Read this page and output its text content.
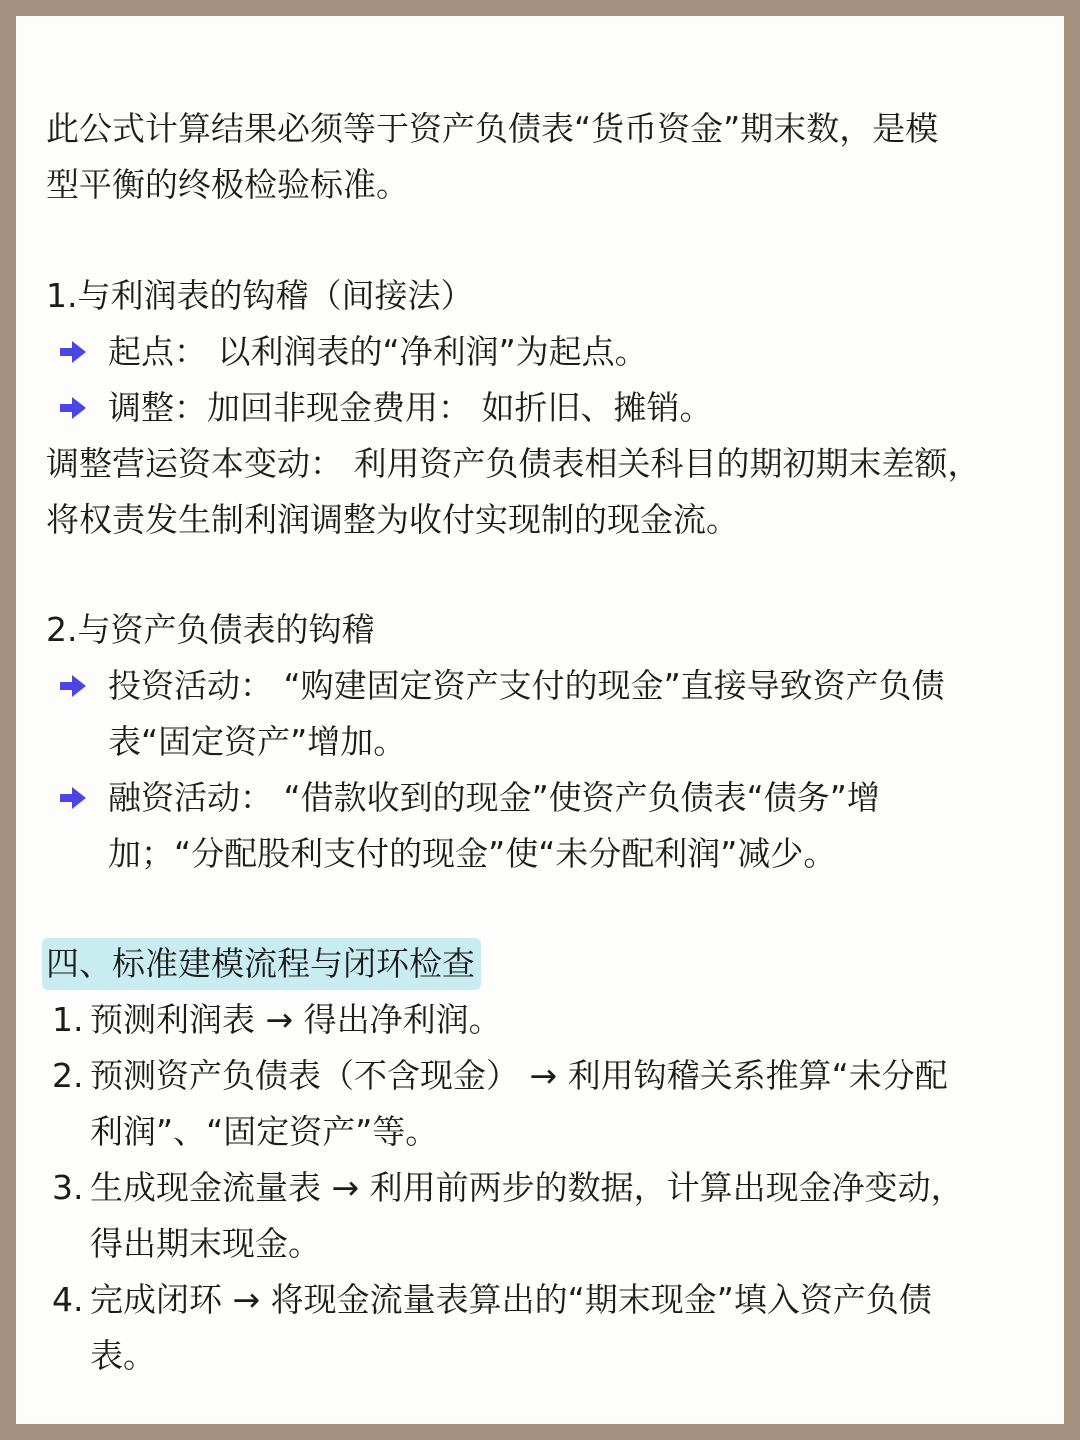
此公式计算结果必须等于资产负债表“货币资金”期末数，是模
型平衡的终极检验标准。
1.与利润表的钩稽（间接法）
起点： 以利润表的“净利润”为起点。
调整：加回非现金费用： 如折旧、摊销。
调整营运资本变动： 利用资产负债表相关科目的期初期末差额，
将权责发生制利润调整为收付实现制的现金流。
2.与资产负债表的钩稽
投资活动： “购建固定资产支付的现金”直接导致资产负债
表“固定资产”增加。
融资活动： “借款收到的现金”使资产负债表“债务”增
加；“分配股利支付的现金”使“未分配利润”减少。
四、标准建模流程与闭环检查
1. 预测利润表 → 得出净利润。
2. 预测资产负债表（不含现金） → 利用钩稽关系推算“未分配
利润”、“固定资产”等。
3. 生成现金流量表 → 利用前两步的数据，计算出现金净变动，
得出期末现金。
4. 完成闭环 → 将现金流量表算出的“期末现金”填入资产负债
表。
